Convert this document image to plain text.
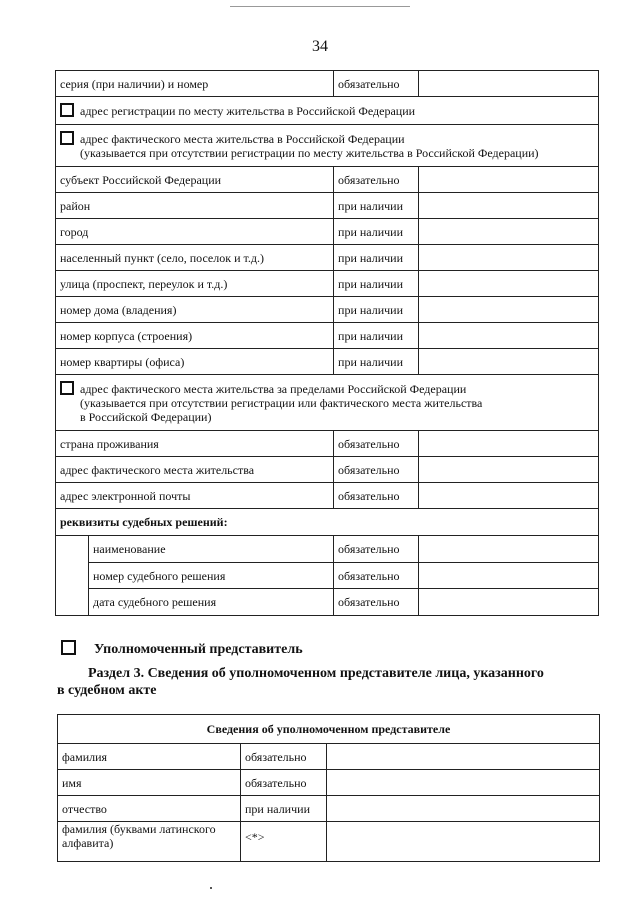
34
серия (при наличии) и номер		обязательно	

адрес регистрации по месту жительства в Российской Федерации			

адрес фактического места жительства в Российской Федерации
(указывается при отсутствии регистрации по месту жительства в Российской Федерации)			

субъект Российской Федерации		обязательно	
район		при наличии	
город		при наличии	
населенный пункт (село, поселок и т.д.)		при наличии	
улица (проспект, переулок и т.д.)		при наличии	
номер дома (владения)		при наличии	
номер корпуса (строения)		при наличии	
номер квартиры (офиса)		при наличии	

адрес фактического места жительства за пределами Российской Федерации
(указывается при отсутствии регистрации или фактического места жительства
в Российской Федерации)			

страна проживания		обязательно	
адрес фактического места жительства		обязательно	
адрес электронной почты		обязательно	
реквизиты судебных решений:			
	наименование	обязательно	
	номер судебного решения	обязательно	
	дата судебного решения	обязательно	
Уполномоченный представитель
Раздел 3. Сведения об уполномоченном представителе лица, указанного
в судебном акте
Сведения об уполномоченном представителе		
фамилия	обязательно	
имя	обязательно	
отчество	при наличии	
фамилия (буквами латинского алфавита)	<*>	
